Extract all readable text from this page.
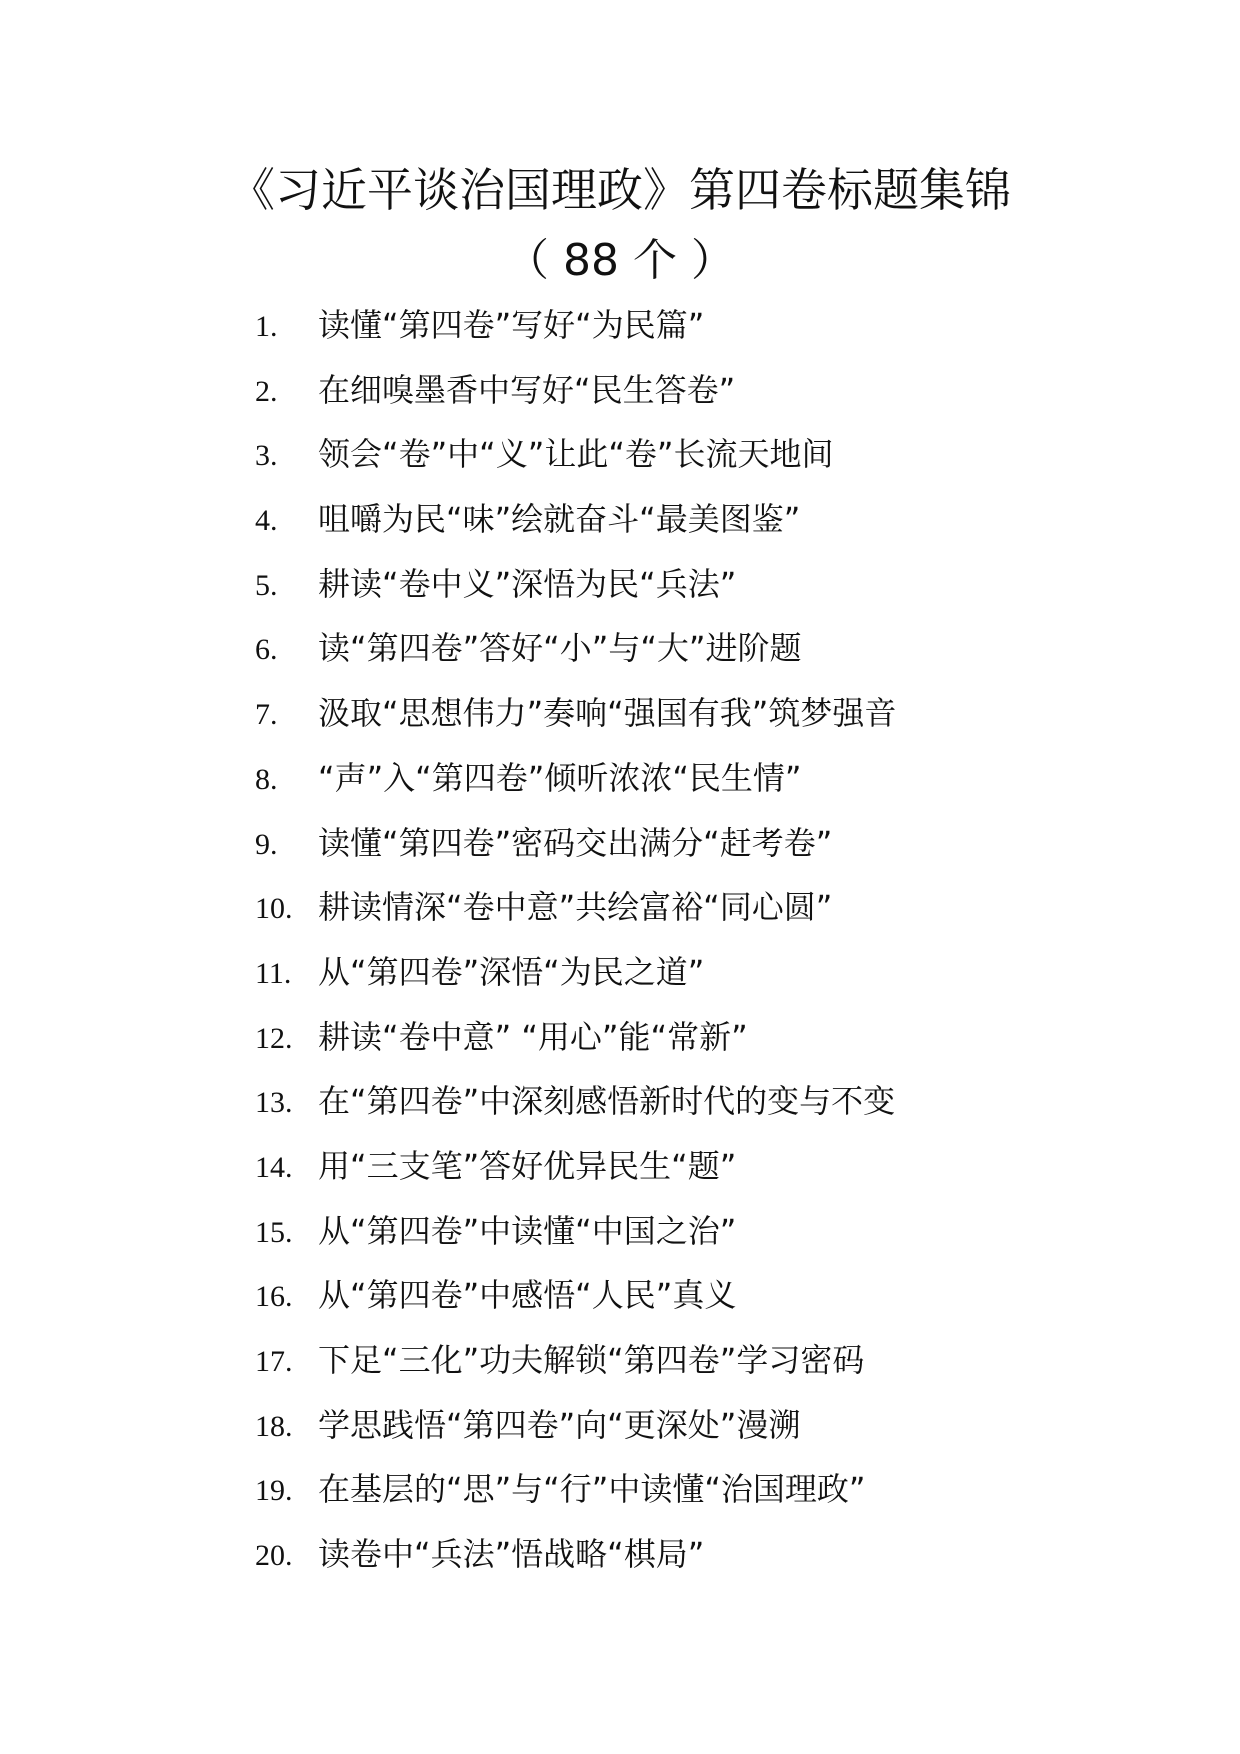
《习近平谈治国理政》第四卷标题集锦
（ 88 个 ）
1.	读懂“第四卷”写好“为民篇”
2.	在细嗅墨香中写好“民生答卷”
3.	领会“卷”中“义”让此“卷”长流天地间
4.	咀嚼为民“味”绘就奋斗“最美图鉴”
5.	耕读“卷中义”深悟为民“兵法”
6.	读“第四卷”答好“小”与“大”进阶题
7.	汲取“思想伟力”奏响“强国有我”筑梦强音
8.	“声”入“第四卷”倾听浓浓“民生情”
9.	读懂“第四卷”密码交出满分“赶考卷”
10. 耕读情深“卷中意”共绘富裕“同心圆”
11. 从“第四卷”深悟“为民之道”
12. 耕读“卷中意” “用心”能“常新”
13. 在“第四卷”中深刻感悟新时代的变与不变
14. 用“三支笔”答好优异民生“题”
15. 从“第四卷”中读懂“中国之治”
16. 从“第四卷”中感悟“人民”真义
17. 下足“三化”功夫解锁“第四卷”学习密码
18. 学思践悟“第四卷”向“更深处”漫溯
19. 在基层的“思”与“行”中读懂“治国理政”
20. 读卷中“兵法”悟战略“棋局”
